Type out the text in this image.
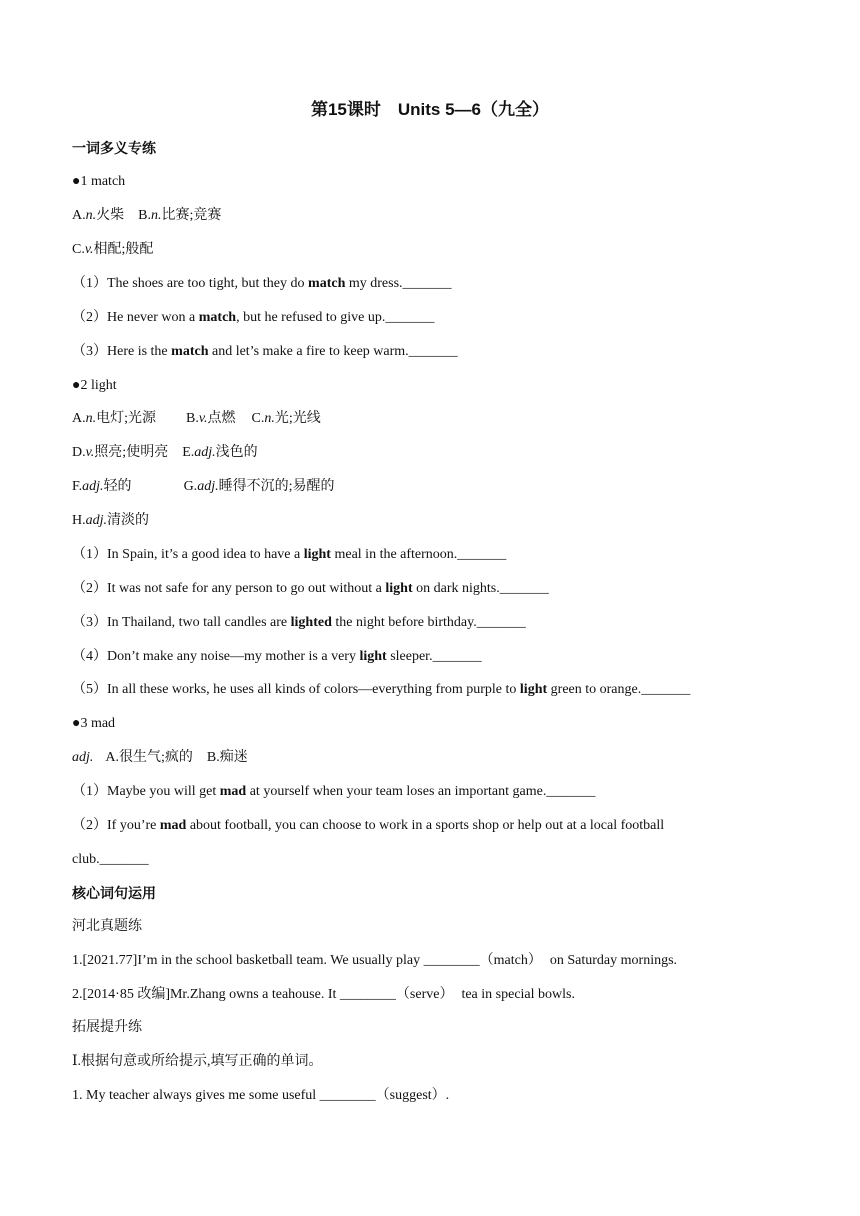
第15课时　Units 5—6（九全）
一词多义专练
●1 match
A.n.火柴 B.n.比赛;竞赛
C.v.相配;般配
（1）The shoes are too tight, but they do match my dress._______
（2）He never won a match, but he refused to give up._______
（3）Here is the match and let’s make a fire to keep warm._______
●2 light
A.n.电灯;光源 B.v.点燃 C.n.光;光线
D.v.照亮;使明亮 E.adj.浅色的
F.adj.轻的	G.adj.睡得不沉的;易醒的
H.adj.清淡的
（1）In Spain, it’s a good idea to have a light meal in the afternoon._______
（2）It was not safe for any person to go out without a light on dark nights._______
（3）In Thailand, two tall candles are lighted the night before birthday._______
（4）Don’t make any noise—my mother is a very light sleeper._______
（5）In all these works, he uses all kinds of colors—everything from purple to light green to orange._______
●3 mad
adj. A.很生气;疯的 B.痴迷
（1）Maybe you will get mad at yourself when your team loses an important game._______
（2）If you’re mad about football, you can choose to work in a sports shop or help out at a local football
club._______
核心词句运用
河北真题练
1.[2021.77]I’m in the school basketball team. We usually play ________（match） on Saturday mornings.
2.[2014·85 改编]Mr.Zhang owns a teahouse. It ________（serve） tea in special bowls.
拓展提升练
Ⅰ.根据句意或所给提示,填写正确的单词。
1. My teacher always gives me some useful ________（suggest）.
